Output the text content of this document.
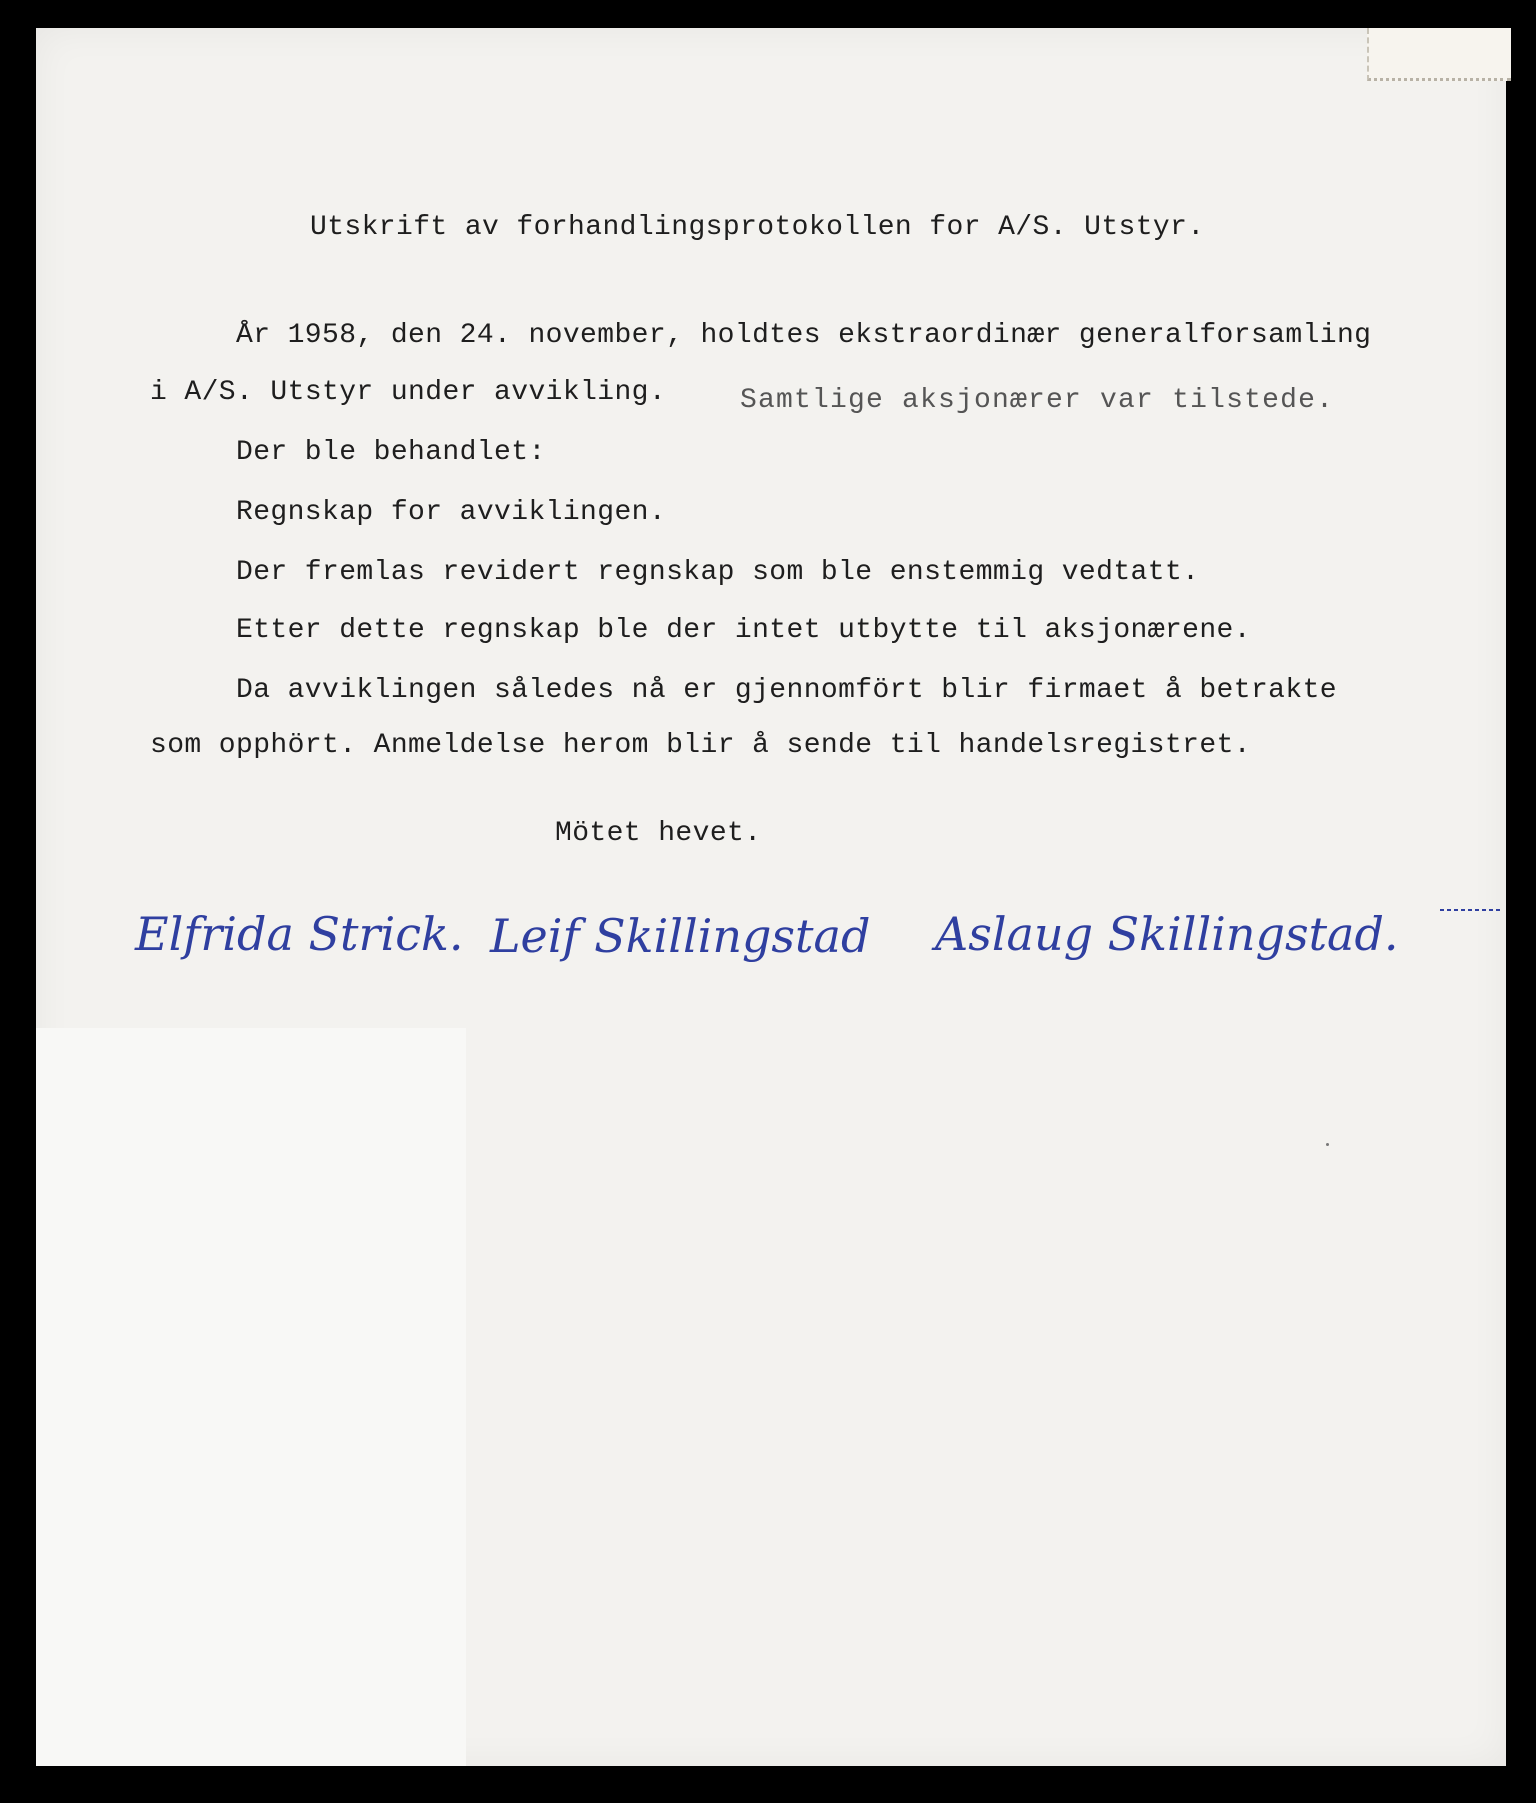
Utskrift av forhandlingsprotokollen for A/S. Utstyr.

År 1958, den 24. november, holdtes ekstraordinær generalforsamling

i A/S. Utstyr under avvikling.	Samtlige aksjonærer var tilstede.

Der ble behandlet:

Regnskap for avviklingen.

Der fremlas revidert regnskap som ble enstemmig vedtatt.

Etter dette regnskap ble der intet utbytte til aksjonærene.

Da avviklingen således nå er gjennomfört blir firmaet å betrakte

som opphört. Anmeldelse herom blir å sende til handelsregistret.

Mötet hevet.

Elfrida Strick. Leif Skillingstad Aslaug Skillingstad.
